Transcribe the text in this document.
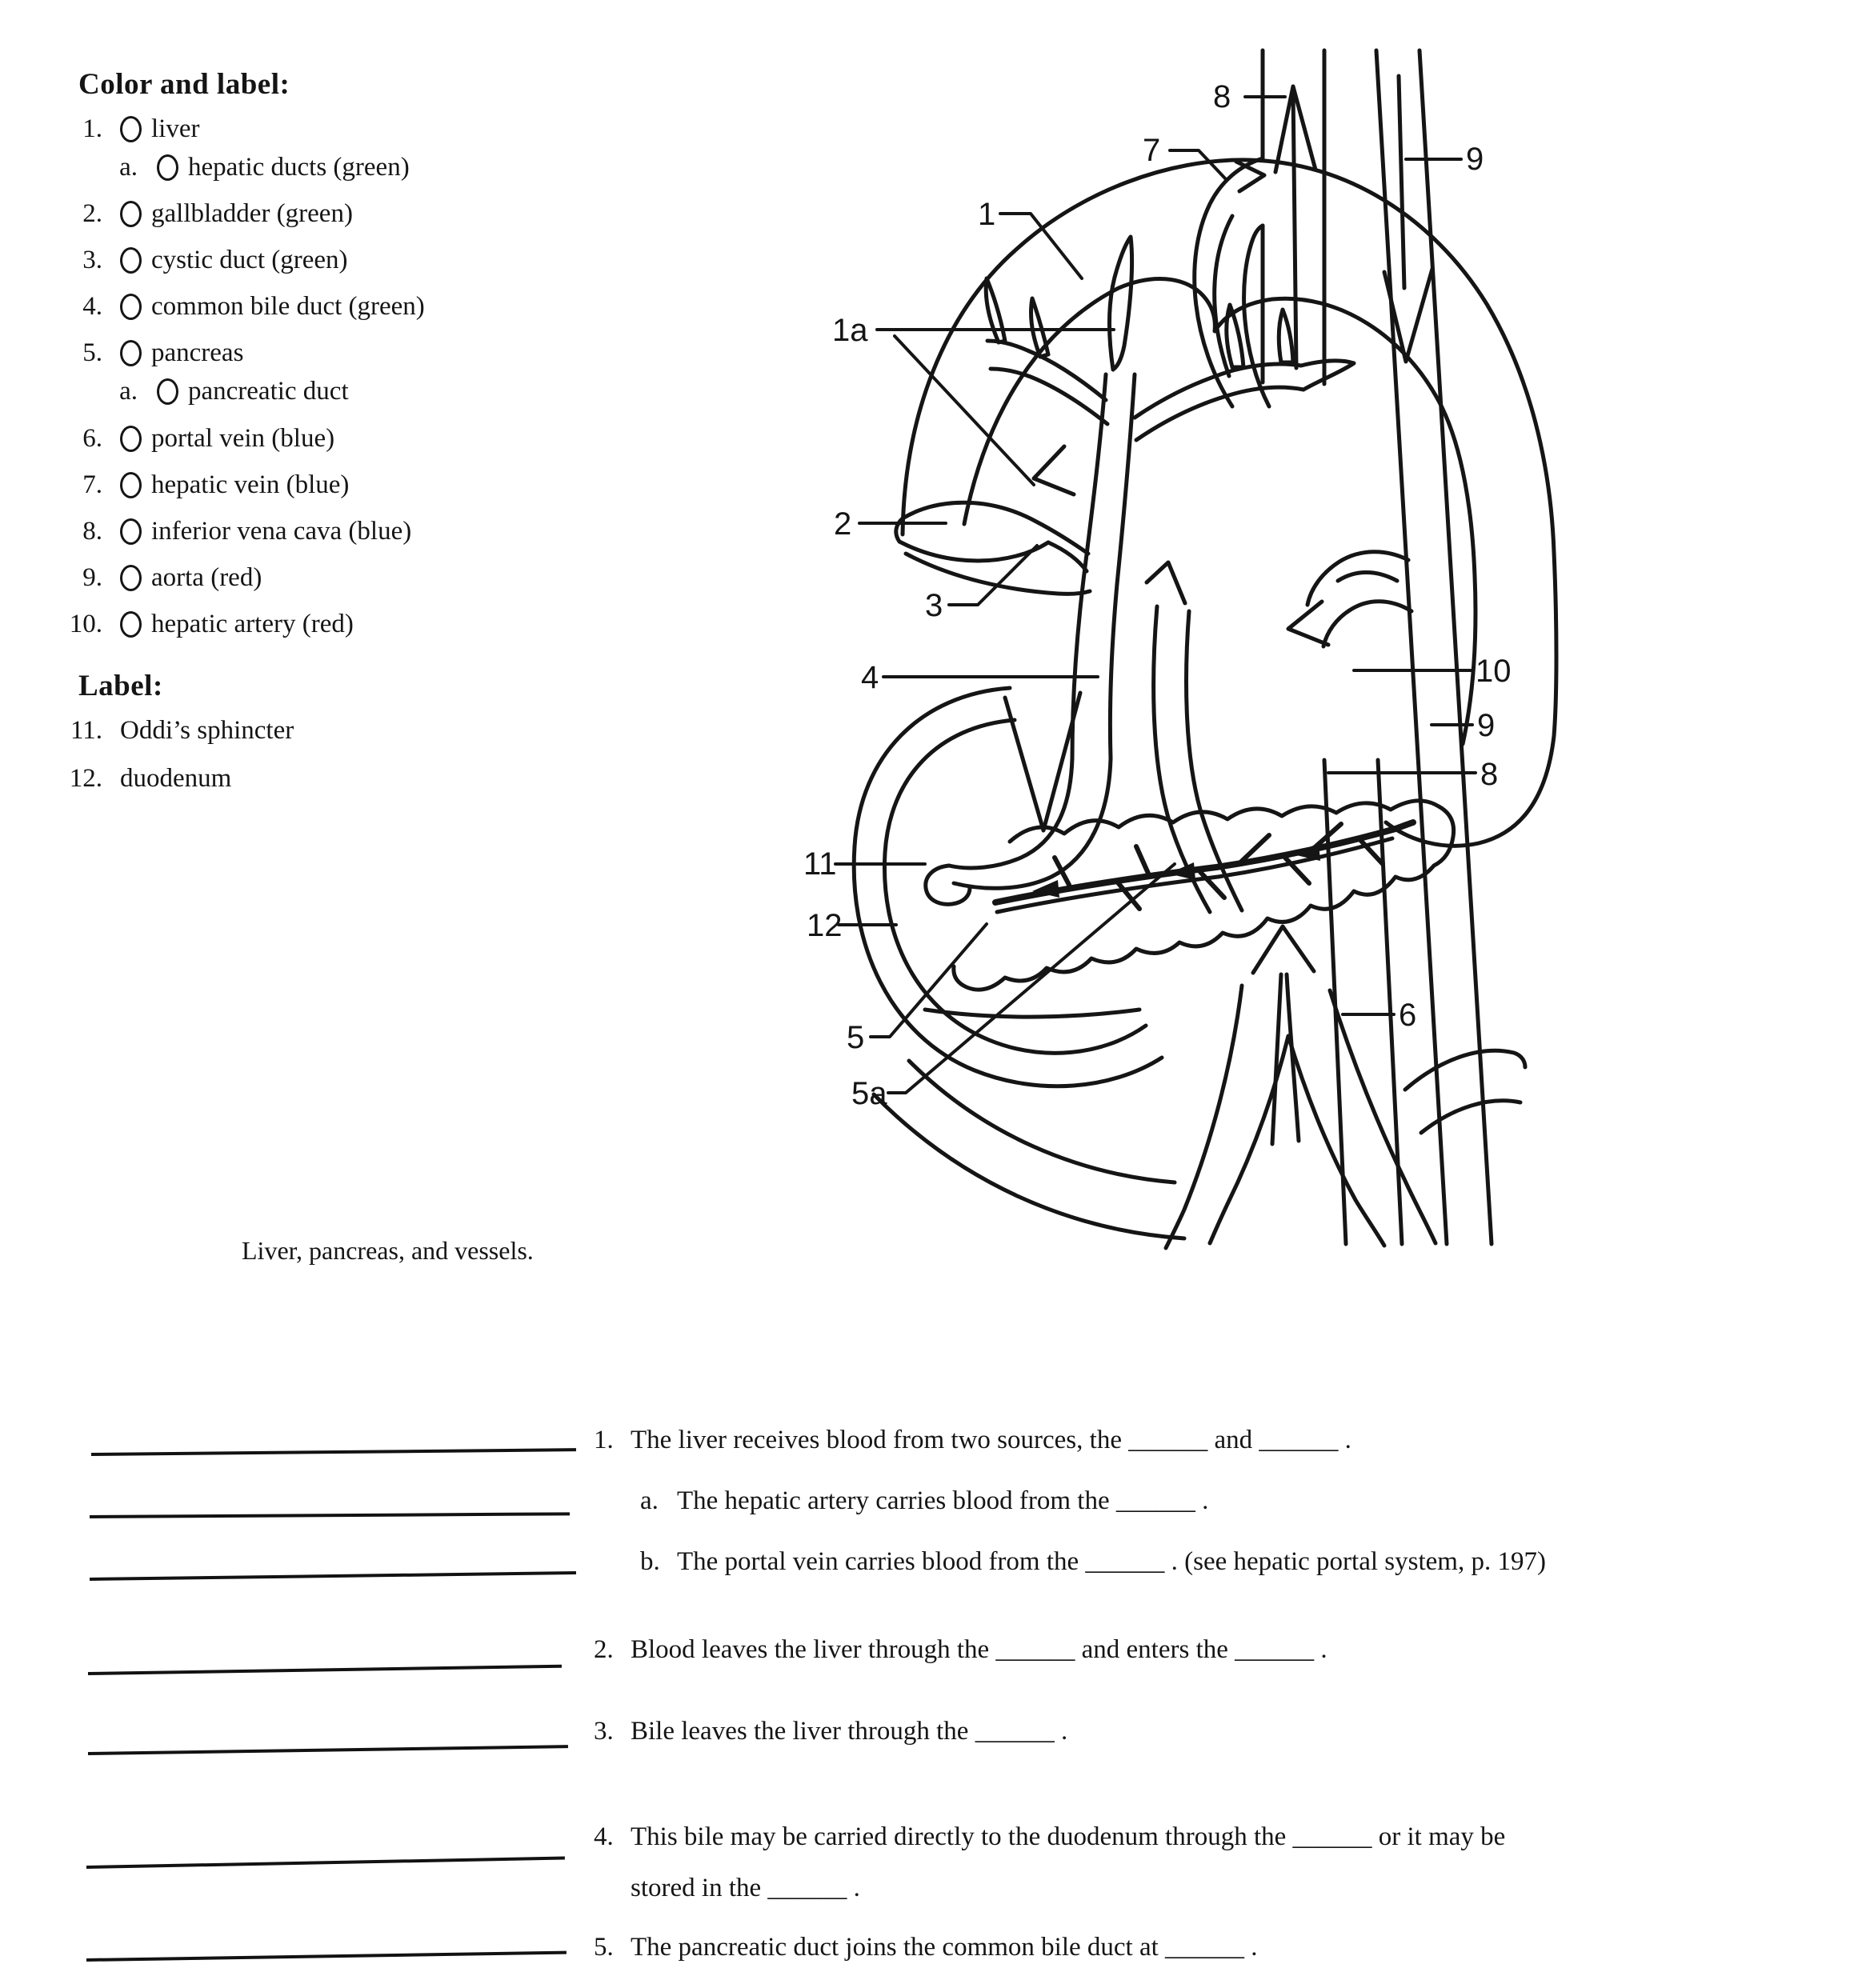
Color and label:
1. liver
a. hepatic ducts (green)
2. gallbladder (green)
3. cystic duct (green)
4. common bile duct (green)
5. pancreas
a. pancreatic duct
6. portal vein (blue)
7. hepatic vein (blue)
8. inferior vena cava (blue)
9. aorta (red)
10. hepatic artery (red)
Label:
11. Oddi’s sphincter
12. duodenum
8
7	9
1
1a
2
3
4	10
9
8
11
12
5
5a
6
Liver, pancreas, and vessels.
1. The liver receives blood from two sources, the ______ and ______ .
a. The hepatic artery carries blood from the ______ .
b. The portal vein carries blood from the ______ . (see hepatic portal system, p. 197)
2. Blood leaves the liver through the ______ and enters the ______ .
3. Bile leaves the liver through the ______ .
4. This bile may be carried directly to the duodenum through the ______ or it may be
stored in the ______ .
5. The pancreatic duct joins the common bile duct at ______ .
